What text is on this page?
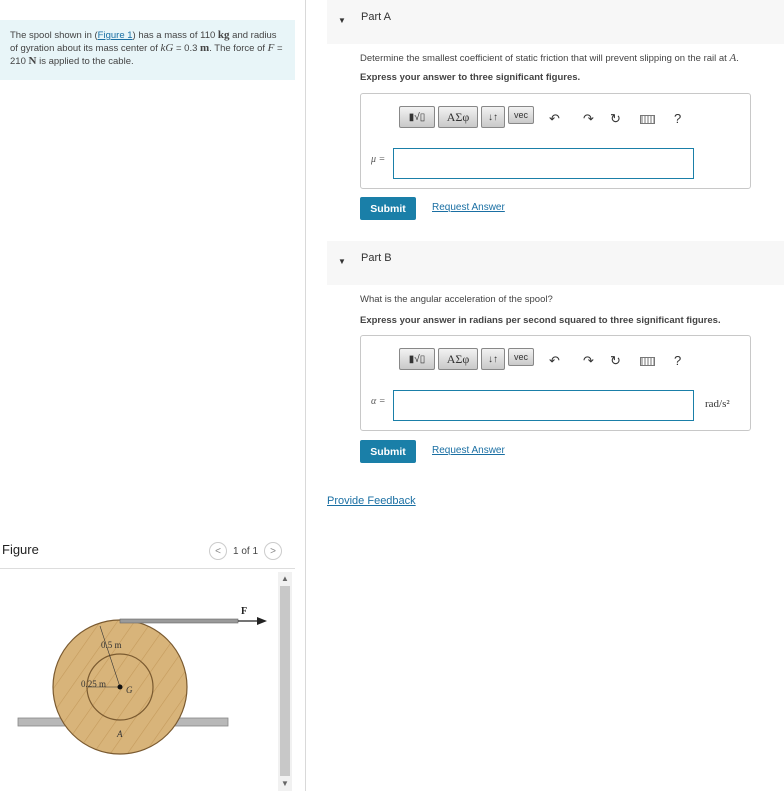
The spool shown in (Figure 1) has a mass of 110 kg and radius of gyration about its mass center of kG = 0.3 m. The force of F = 210 N is applied to the cable.
Figure	<	1 of 1	>
0.5 m
0.25 m
G
A
F
▲
▼
▼ Part A
Determine the smallest coefficient of static friction that will prevent slipping on the rail at A.
Express your answer to three significant figures.
▮√▯	ΑΣφ	↓↑	vec	↶ ↷ ↻	?
μ =
Submit	Request Answer
▼ Part B
What is the angular acceleration of the spool?
Express your answer in radians per second squared to three significant figures.
▮√▯	ΑΣφ	↓↑	vec	↶ ↷ ↻	?
α =	rad/s²
Submit	Request Answer
Provide Feedback
